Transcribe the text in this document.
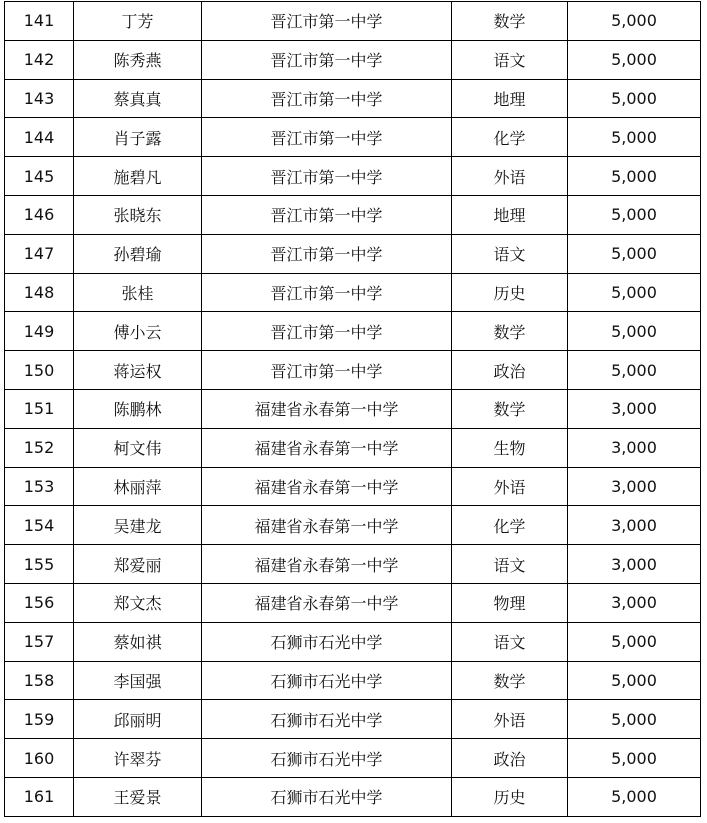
141	丁芳	晋江市第一中学	数学	5,000
142	陈秀燕	晋江市第一中学	语文	5,000
143	蔡真真	晋江市第一中学	地理	5,000
144	肖子露	晋江市第一中学	化学	5,000
145	施碧凡	晋江市第一中学	外语	5,000
146	张晓东	晋江市第一中学	地理	5,000
147	孙碧瑜	晋江市第一中学	语文	5,000
148	张桂	晋江市第一中学	历史	5,000
149	傅小云	晋江市第一中学	数学	5,000
150	蒋运权	晋江市第一中学	政治	5,000
151	陈鹏林	福建省永春第一中学	数学	3,000
152	柯文伟	福建省永春第一中学	生物	3,000
153	林丽萍	福建省永春第一中学	外语	3,000
154	吴建龙	福建省永春第一中学	化学	3,000
155	郑爱丽	福建省永春第一中学	语文	3,000
156	郑文杰	福建省永春第一中学	物理	3,000
157	蔡如祺	石狮市石光中学	语文	5,000
158	李国强	石狮市石光中学	数学	5,000
159	邱丽明	石狮市石光中学	外语	5,000
160	许翠芬	石狮市石光中学	政治	5,000
161	王爱景	石狮市石光中学	历史	5,000
